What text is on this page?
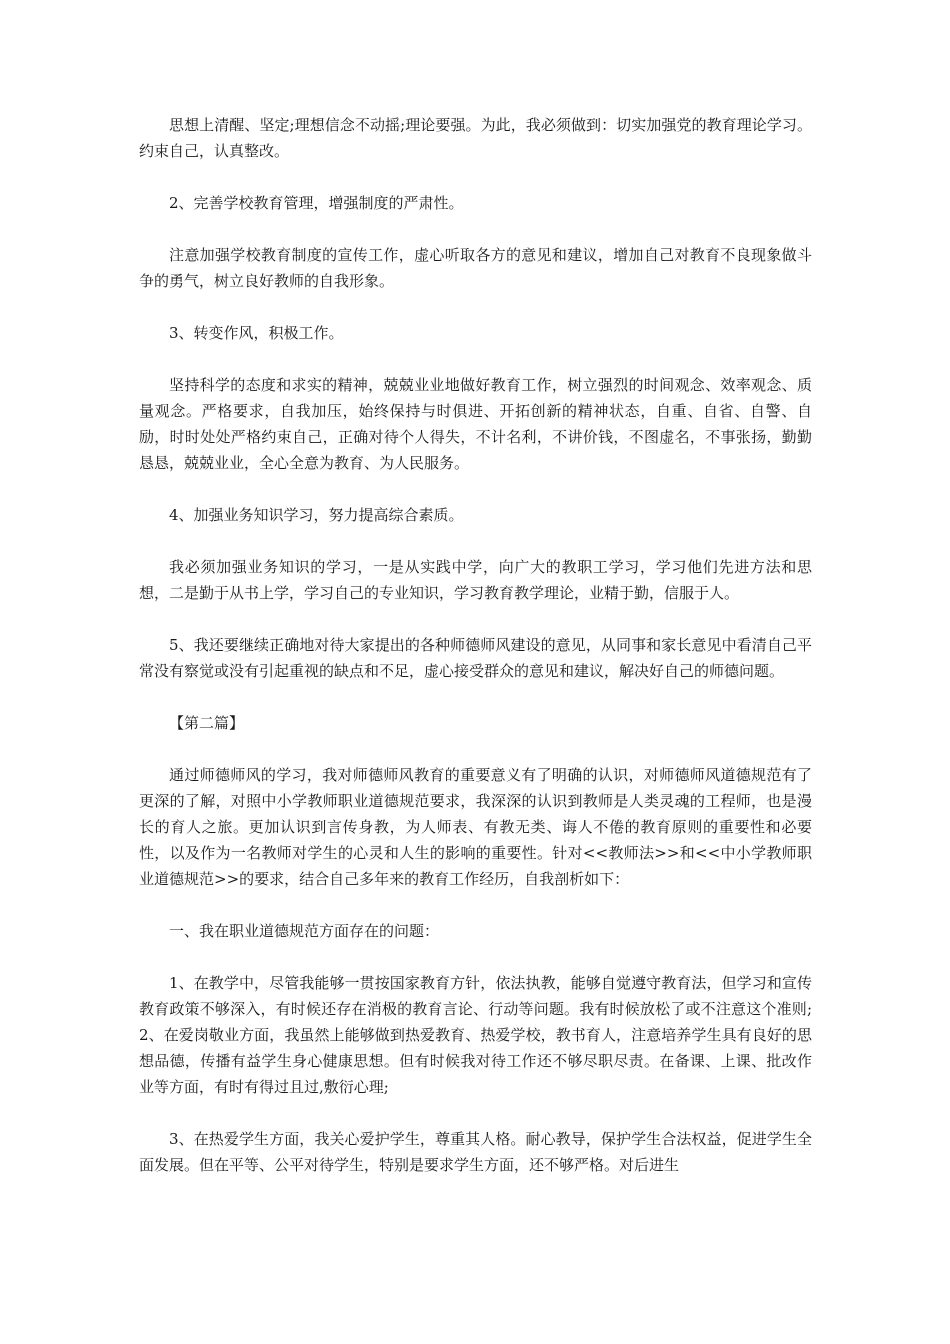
思想上清醒、坚定;理想信念不动摇;理论要强。为此，我必须做到：切实加强党的教育理论学习。约束自己，认真整改。

2、完善学校教育管理，增强制度的严肃性。

注意加强学校教育制度的宣传工作，虚心听取各方的意见和建议，增加自己对教育不良现象做斗争的勇气，树立良好教师的自我形象。

3、转变作风，积极工作。

坚持科学的态度和求实的精神，兢兢业业地做好教育工作，树立强烈的时间观念、效率观念、质量观念。严格要求，自我加压，始终保持与时俱进、开拓创新的精神状态，自重、自省、自警、自励，时时处处严格约束自己，正确对待个人得失，不计名利，不讲价钱，不图虚名，不事张扬，勤勤恳恳，兢兢业业，全心全意为教育、为人民服务。

4、加强业务知识学习，努力提高综合素质。

我必须加强业务知识的学习，一是从实践中学，向广大的教职工学习，学习他们先进方法和思想，二是勤于从书上学，学习自己的专业知识，学习教育教学理论，业精于勤，信服于人。

5、我还要继续正确地对待大家提出的各种师德师风建设的意见，从同事和家长意见中看清自己平常没有察觉或没有引起重视的缺点和不足，虚心接受群众的意见和建议，解决好自己的师德问题。

【第二篇】

通过师德师风的学习，我对师德师风教育的重要意义有了明确的认识，对师德师风道德规范有了更深的了解，对照中小学教师职业道德规范要求，我深深的认识到教师是人类灵魂的工程师，也是漫长的育人之旅。更加认识到言传身教，为人师表、有教无类、诲人不倦的教育原则的重要性和必要性，以及作为一名教师对学生的心灵和人生的影响的重要性。针对<<教师法>>和<<中小学教师职业道德规范>>的要求，结合自己多年来的教育工作经历，自我剖析如下：

一、我在职业道德规范方面存在的问题：

1、在教学中，尽管我能够一贯按国家教育方针，依法执教，能够自觉遵守教育法，但学习和宣传教育政策不够深入，有时候还存在消极的教育言论、行动等问题。我有时候放松了或不注意这个准则;2、在爱岗敬业方面，我虽然上能够做到热爱教育、热爱学校，教书育人，注意培养学生具有良好的思想品德，传播有益学生身心健康思想。但有时候我对待工作还不够尽职尽责。在备课、上课、批改作业等方面，有时有得过且过,敷衍心理;

3、在热爱学生方面，我关心爱护学生，尊重其人格。耐心教导，保护学生合法权益，促进学生全面发展。但在平等、公平对待学生，特别是要求学生方面，还不够严格。对后进生
